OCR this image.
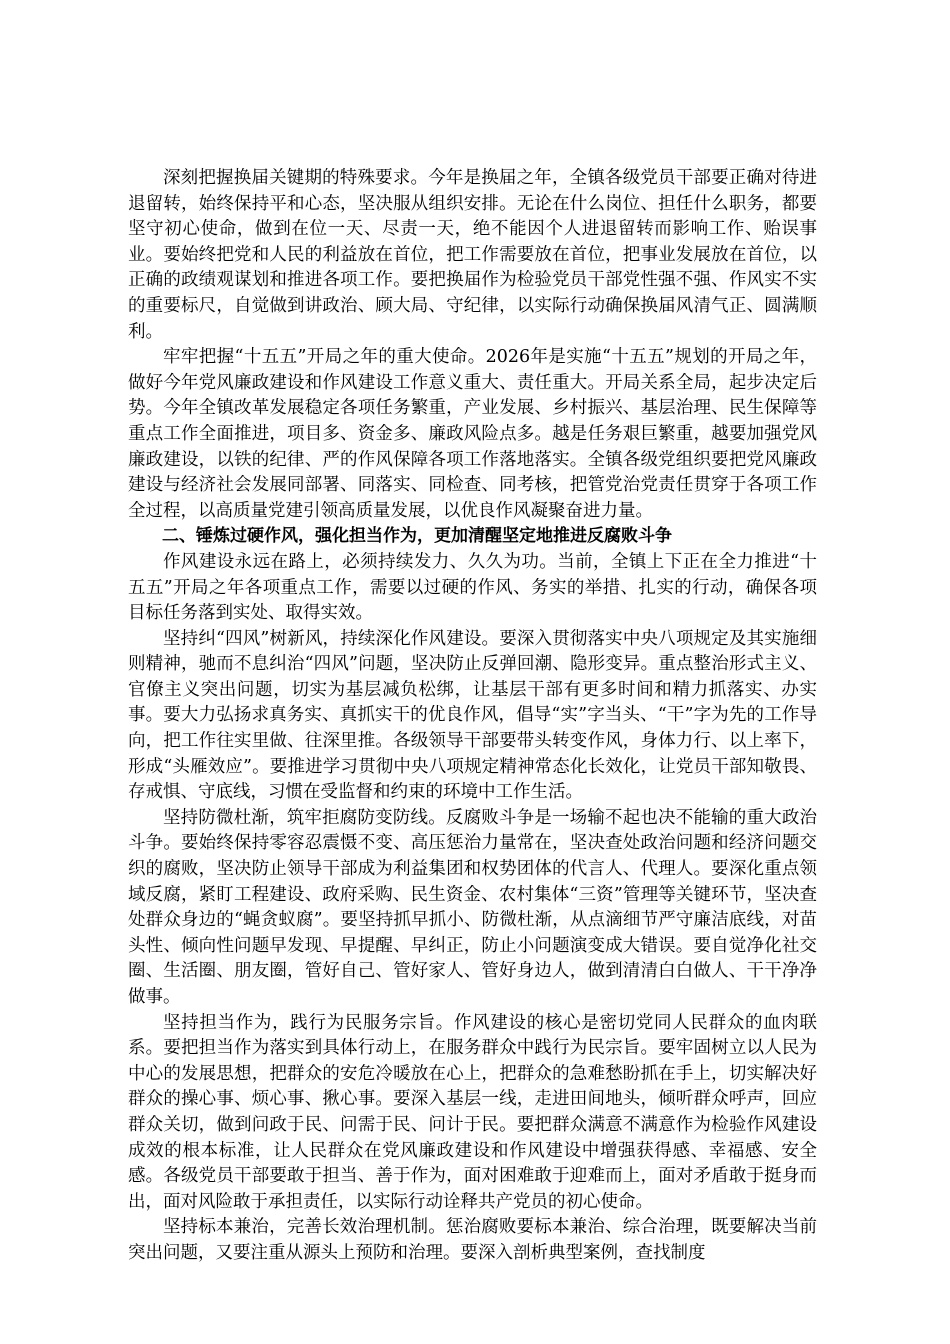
深刻把握换届关键期的特殊要求。今年是换届之年，全镇各级党员干部要正确对待进退留转，始终保持平和心态，坚决服从组织安排。无论在什么岗位、担任什么职务，都要坚守初心使命，做到在位一天、尽责一天，绝不能因个人进退留转而影响工作、贻误事业。要始终把党和人民的利益放在首位，把工作需要放在首位，把事业发展放在首位，以正确的政绩观谋划和推进各项工作。要把换届作为检验党员干部党性强不强、作风实不实的重要标尺，自觉做到讲政治、顾大局、守纪律，以实际行动确保换届风清气正、圆满顺利。

牢牢把握“十五五”开局之年的重大使命。2026年是实施“十五五”规划的开局之年，做好今年党风廉政建设和作风建设工作意义重大、责任重大。开局关系全局，起步决定后势。今年全镇改革发展稳定各项任务繁重，产业发展、乡村振兴、基层治理、民生保障等重点工作全面推进，项目多、资金多、廉政风险点多。越是任务艰巨繁重，越要加强党风廉政建设，以铁的纪律、严的作风保障各项工作落地落实。全镇各级党组织要把党风廉政建设与经济社会发展同部署、同落实、同检查、同考核，把管党治党责任贯穿于各项工作全过程，以高质量党建引领高质量发展，以优良作风凝聚奋进力量。

二、锤炼过硬作风，强化担当作为，更加清醒坚定地推进反腐败斗争

作风建设永远在路上，必须持续发力、久久为功。当前，全镇上下正在全力推进“十五五”开局之年各项重点工作，需要以过硬的作风、务实的举措、扎实的行动，确保各项目标任务落到实处、取得实效。

坚持纠“四风”树新风，持续深化作风建设。要深入贯彻落实中央八项规定及其实施细则精神，驰而不息纠治“四风”问题，坚决防止反弹回潮、隐形变异。重点整治形式主义、官僚主义突出问题，切实为基层减负松绑，让基层干部有更多时间和精力抓落实、办实事。要大力弘扬求真务实、真抓实干的优良作风，倡导“实”字当头、“干”字为先的工作导向，把工作往实里做、往深里推。各级领导干部要带头转变作风，身体力行、以上率下，形成“头雁效应”。要推进学习贯彻中央八项规定精神常态化长效化，让党员干部知敬畏、存戒惧、守底线，习惯在受监督和约束的环境中工作生活。

坚持防微杜渐，筑牢拒腐防变防线。反腐败斗争是一场输不起也决不能输的重大政治斗争。要始终保持零容忍震慑不变、高压惩治力量常在，坚决查处政治问题和经济问题交织的腐败，坚决防止领导干部成为利益集团和权势团体的代言人、代理人。要深化重点领域反腐，紧盯工程建设、政府采购、民生资金、农村集体“三资”管理等关键环节，坚决查处群众身边的“蝇贪蚁腐”。要坚持抓早抓小、防微杜渐，从点滴细节严守廉洁底线，对苗头性、倾向性问题早发现、早提醒、早纠正，防止小问题演变成大错误。要自觉净化社交圈、生活圈、朋友圈，管好自己、管好家人、管好身边人，做到清清白白做人、干干净净做事。

坚持担当作为，践行为民服务宗旨。作风建设的核心是密切党同人民群众的血肉联系。要把担当作为落实到具体行动上，在服务群众中践行为民宗旨。要牢固树立以人民为中心的发展思想，把群众的安危冷暖放在心上，把群众的急难愁盼抓在手上，切实解决好群众的操心事、烦心事、揪心事。要深入基层一线，走进田间地头，倾听群众呼声，回应群众关切，做到问政于民、问需于民、问计于民。要把群众满意不满意作为检验作风建设成效的根本标准，让人民群众在党风廉政建设和作风建设中增强获得感、幸福感、安全感。各级党员干部要敢于担当、善于作为，面对困难敢于迎难而上，面对矛盾敢于挺身而出，面对风险敢于承担责任，以实际行动诠释共产党员的初心使命。

坚持标本兼治，完善长效治理机制。惩治腐败要标本兼治、综合治理，既要解决当前突出问题，又要注重从源头上预防和治理。要深入剖析典型案例，查找制度
